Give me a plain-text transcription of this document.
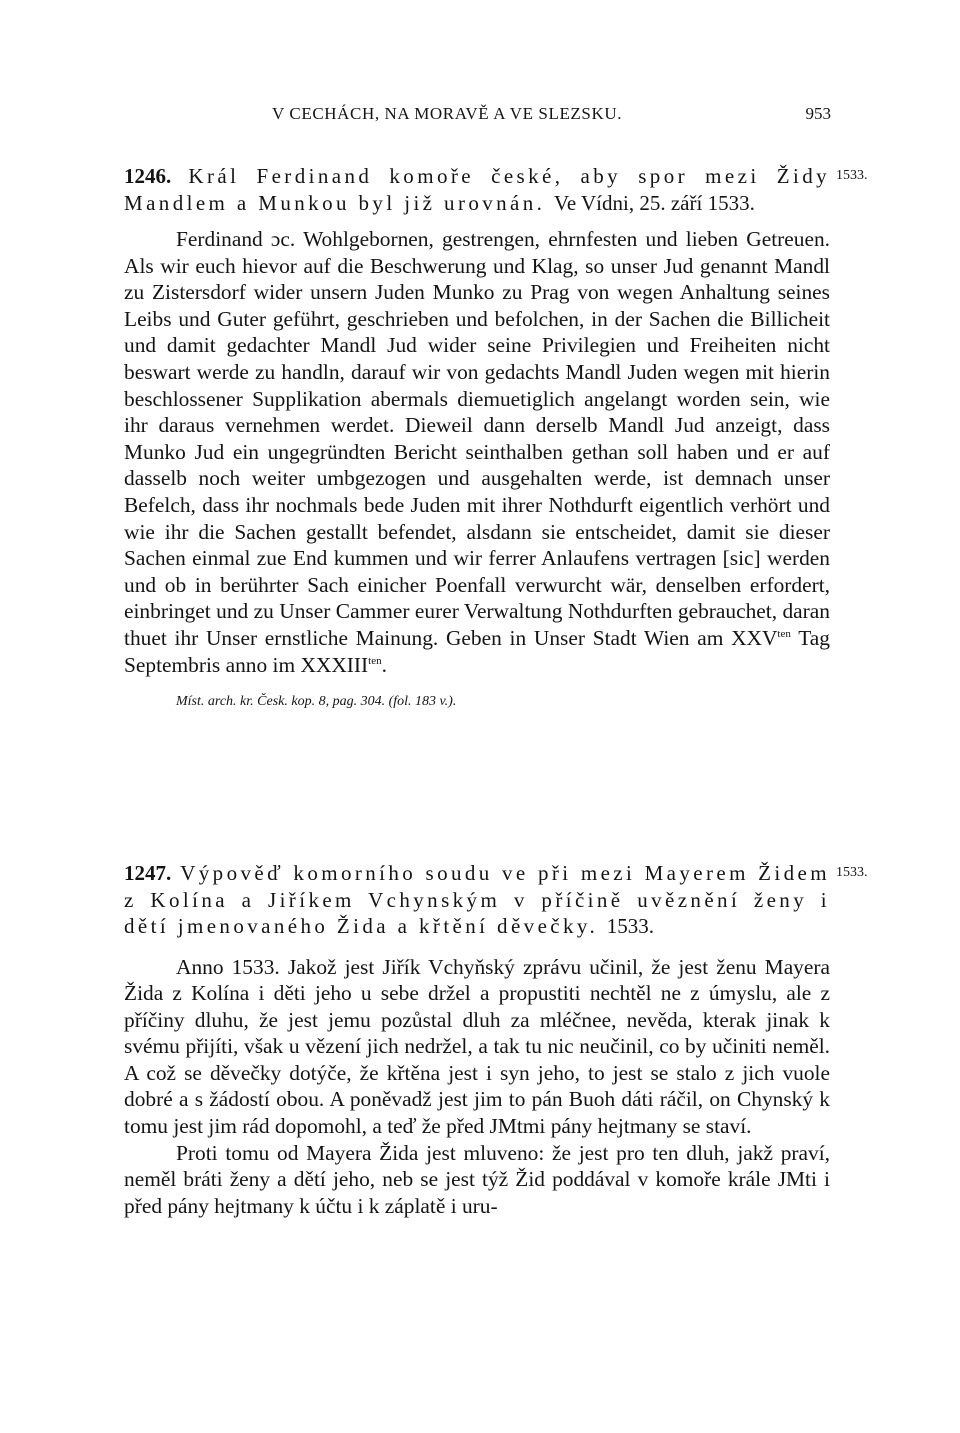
V CECHÁCH, NA MORAVĚ A VE SLEZSKU.	953
1533.
1246. Král Ferdinand komoře české, aby spor mezi Židy Mandlem a Munkou byl již urovnán. Ve Vídni, 25. září 1533.

Ferdinand ɔc. Wohlgebornen, gestrengen, ehrnfesten und lieben Getreuen. Als wir euch hievor auf die Beschwerung und Klag, so unser Jud genannt Mandl zu Zistersdorf wider unsern Juden Munko zu Prag von wegen Anhaltung seines Leibs und Guter geführt, geschrieben und befolchen, in der Sachen die Billicheit und damit gedachter Mandl Jud wider seine Privilegien und Freiheiten nicht beswart werde zu handln, darauf wir von gedachts Mandl Juden wegen mit hierin beschlossener Supplikation abermals diemuetiglich angelangt worden sein, wie ihr daraus vernehmen werdet. Dieweil dann derselb Mandl Jud anzeigt, dass Munko Jud ein ungegründten Bericht seinthalben gethan soll haben und er auf dasselb noch weiter umbgezogen und ausgehalten werde, ist demnach unser Befelch, dass ihr nochmals bede Juden mit ihrer Nothdurft eigentlich verhört und wie ihr die Sachen gestallt befendet, alsdann sie entscheidet, damit sie dieser Sachen einmal zue End kummen und wir ferrer Anlaufens vertragen [sic] werden und ob in berührter Sach einicher Poenfall verwurcht wär, denselben erfordert, einbringet und zu Unser Cammer eurer Verwaltung Nothdurften gebrauchet, daran thuet ihr Unser ernstliche Mainung. Geben in Unser Stadt Wien am $XXV^{ten}$ Tag Septembris anno im $XXXIII^{ten}$.

Míst. arch. kr. Česk. kop. 8, pag. 304. (fol. 183 v.).
1533.
1247. Výpověď komorního soudu ve při mezi Mayerem Židem z Kolína a Jiříkem Vchynským v příčině uvěznění ženy i dětí jmenovaného Žida a křtění děvečky. 1533.

Anno 1533. Jakož jest Jiřík Vchyňský zprávu učinil, že jest ženu Mayera Žida z Kolína i děti jeho u sebe držel a propustiti nechtěl ne z úmyslu, ale z příčiny dluhu, že jest jemu pozůstal dluh za mléčnee, nevěda, kterak jinak k svému přijíti, však u vězení jich nedržel, a tak tu nic neučinil, co by učiniti neměl. A což se děvečky dotýče, že křtěna jest i syn jeho, to jest se stalo z jich vuole dobré a s žádostí obou. A poněvadž jest jim to pán Buoh dáti ráčil, on Chynský k tomu jest jim rád dopomohl, a teď že před JMtmi pány hejtmany se staví.

Proti tomu od Mayera Žida jest mluveno: že jest pro ten dluh, jakž praví, neměl bráti ženy a dětí jeho, neb se jest týž Žid poddával v komoře krále JMti i před pány hejtmany k účtu i k záplatě i uru-
